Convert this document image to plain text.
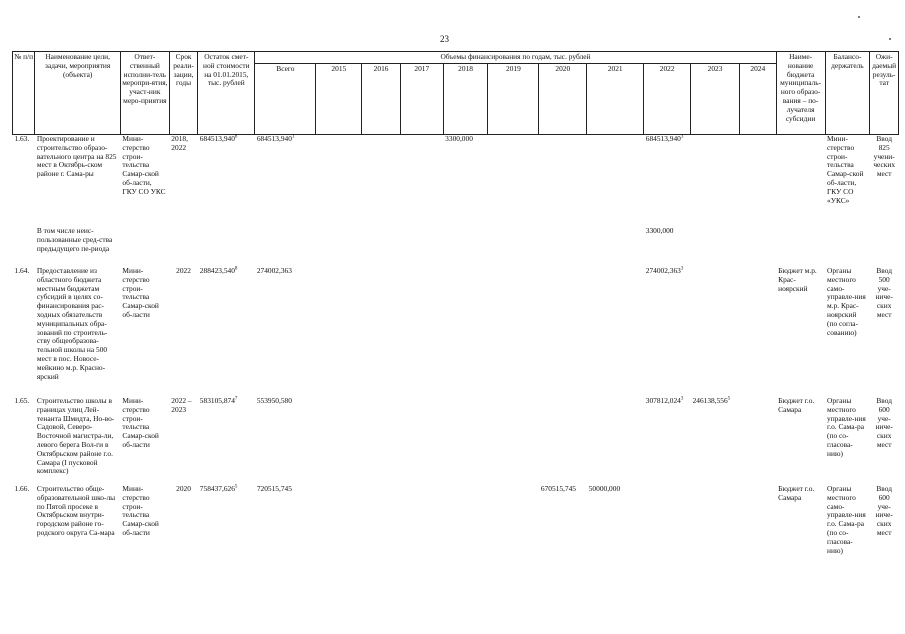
23
№ п/п	Наименование цели, задачи, мероприятия (объекта)	Ответ-ственный исполни-тель меропри-ятия, участ-ник меро-приятия	Срок реали-зации, годы	Остаток смет-ной стоимости на 01.01.2015, тыс. рублей	Объемы финансирования по годам, тыс. рублей											Наиме-нование бюджета муниципаль-ного образо-вания – по-лучателя субсидии	Балансо-держатель	Ожи-даемый резуль-тат
					Всего	2015	2016	2017	2018	2019	2020	2021	2022	2023	2024			
1.63.	Проектирование и строительство образо-вательного центра на 825 мест в Октябрь-ском районе г. Сама-ры	Мини-стерство строи-тельства Самар-ской об-ласти, ГКУ СО УКС	2018, 2022	684513,940$^8$	684513,940$^1$				3300,000				684513,940$^3$				Мини-стерство строи-тельства Самар-ской об-ласти, ГКУ СО «УКС»	Ввод 825 учени-ческих мест
	В том числе неис-пользованные сред-ства предыдущего пе-риода												3300,000					
1.64.	Предоставление из областного бюджета местным бюджетам субсидий в целях со-финансирования рас-ходных обязательств муниципальных обра-зований по строитель-ству общеобразова-тельной школы на 500 мест в пос. Новосе-мейкино м.р. Красно-ярский	Мини-стерство строи-тельства Самар-ской об-ласти	2022	288423,540$^8$	274002,363								274002,363$^3$			Бюджет м.р. Крас-ноярский	Органы местного само-управле-ния м.р. Крас-ноярский (по согла-сованию)	Ввод 500 уче-ниче-ских мест
1.65.	Строительство школы в границах улиц Лей-тенанта Шмидта, Но-во-Садовой, Северо-Восточной магистра-ли, левого берега Вол-ги в Октябрьском районе г.о. Самара (I пусковой комплекс)	Мини-стерство строи-тельства Самар-ской об-ласти	2022 – 2023	583105,874$^7$	553950,580								307812,024$^3$	246138,556$^5$		Бюджет г.о. Самара	Органы местного управле-ния г.о. Сама-ра (по со-гласова-нию)	Ввод 600 уче-ниче-ских мест
1.66.	Строительство обще-образовательной шко-лы по Пятой просеке в Октябрьском внутри-городском районе го-родского округа Са-мара	Мини-стерство строи-тельства Самар-ской об-ласти	2020	758437,626$^5$	720515,745						670515,745	50000,000				Бюджет г.о. Самара	Органы местного само-управле-ния г.о. Сама-ра (по со-гласова-нию)	Ввод 600 уче-ниче-ских мест
